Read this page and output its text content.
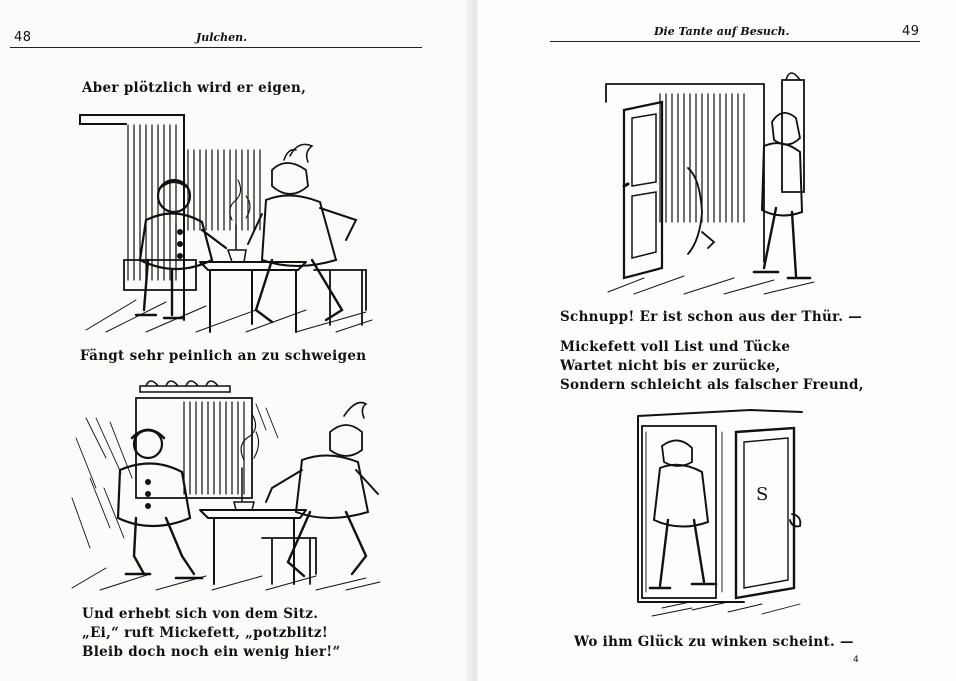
48	Julchen.
Aber plötzlich wird er eigen,
Fängt sehr peinlich an zu schweigen
Und erhebt sich von dem Sitz.
„Ei,“ ruft Mickefett, „potzblitz!
Bleib doch noch ein wenig hier!“
Die Tante auf Besuch.	49
Schnupp! Er ist schon aus der Thür. —
Mickefett voll List und Tücke
Wartet nicht bis er zurücke,
Sondern schleicht als falscher Freund,
S
Wo ihm Glück zu winken scheint. —
4
